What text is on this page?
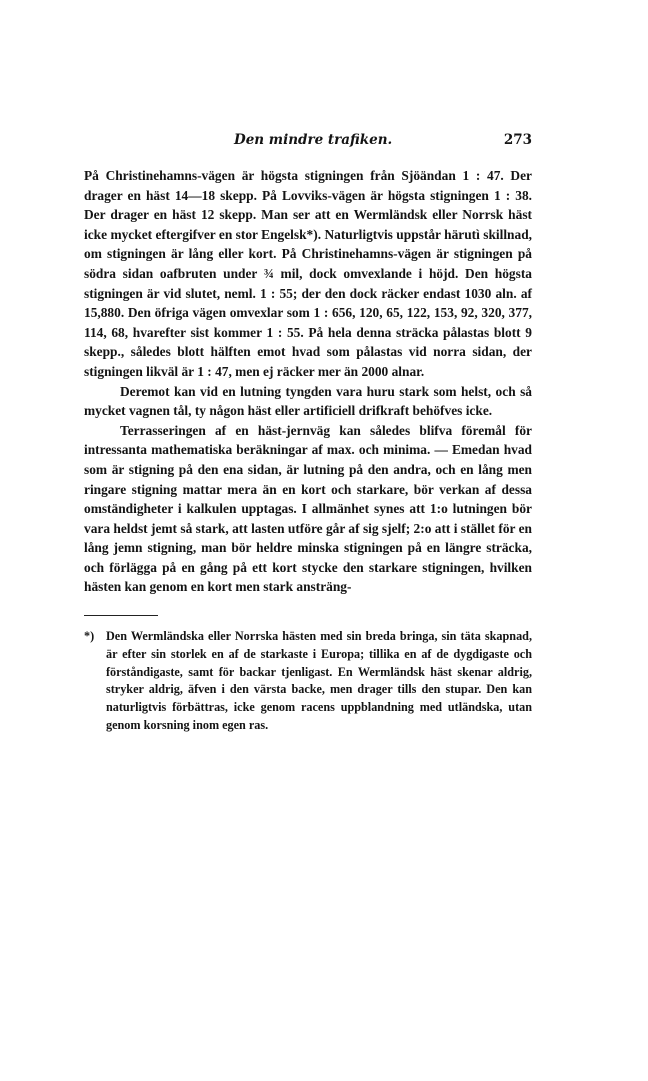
Den mindre trafiken.	273

På Christinehamns-vägen är högsta stigningen från Sjöändan 1 : 47. Der drager en häst 14—18 skepp. På Lovviks-vägen är högsta stigningen 1 : 38. Der drager en häst 12 skepp. Man ser att en Wermländsk eller Norrsk häst icke mycket eftergifver en stor Engelsk*). Naturligtvis uppstår härutì skillnad, om stigningen är lång eller kort. På Christinehamns-vägen är stigningen på södra sidan oafbruten under ¾ mil, dock omvexlande i höjd. Den högsta stigningen är vid slutet, neml. 1 : 55; der den dock räcker endast 1030 aln. af 15,880. Den öfriga vägen omvexlar som 1 : 656, 120, 65, 122, 153, 92, 320, 377, 114, 68, hvarefter sist kommer 1 : 55. På hela denna sträcka pålastas blott 9 skepp., således blott hälften emot hvad som pålastas vid norra sidan, der stigningen likväl är 1 : 47, men ej räcker mer än 2000 alnar.

Deremot kan vid en lutning tyngden vara huru stark som helst, och så mycket vagnen tål, ty någon häst eller artificiell drifkraft behöfves icke.

Terrasseringen af en häst-jernväg kan således blifva föremål för intressanta mathematiska beräkningar af max. och minima. — Emedan hvad som är stigning på den ena sidan, är lutning på den andra, och en lång men ringare stigning mattar mera än en kort och starkare, bör verkan af dessa omständigheter i kalkulen upptagas. I allmänhet synes att 1:o lutningen bör vara heldst jemt så stark, att lasten utföre går af sig sjelf; 2:o att i stället för en lång jemn stigning, man bör heldre minska stigningen på en längre sträcka, och förlägga på en gång på ett kort stycke den starkare stigningen, hvilken hästen kan genom en kort men stark ansträng-

*) Den Wermländska eller Norrska hästen med sin breda bringa, sin täta skapnad, är efter sin storlek en af de starkaste i Europa; tillika en af de dygdigaste och förståndigaste, samt för backar tjenligast. En Wermländsk häst skenar aldrig, stryker aldrig, äfven i den värsta backe, men drager tills den stupar. Den kan naturligtvis förbättras, icke genom racens uppblandning med utländska, utan genom korsning inom egen ras.
